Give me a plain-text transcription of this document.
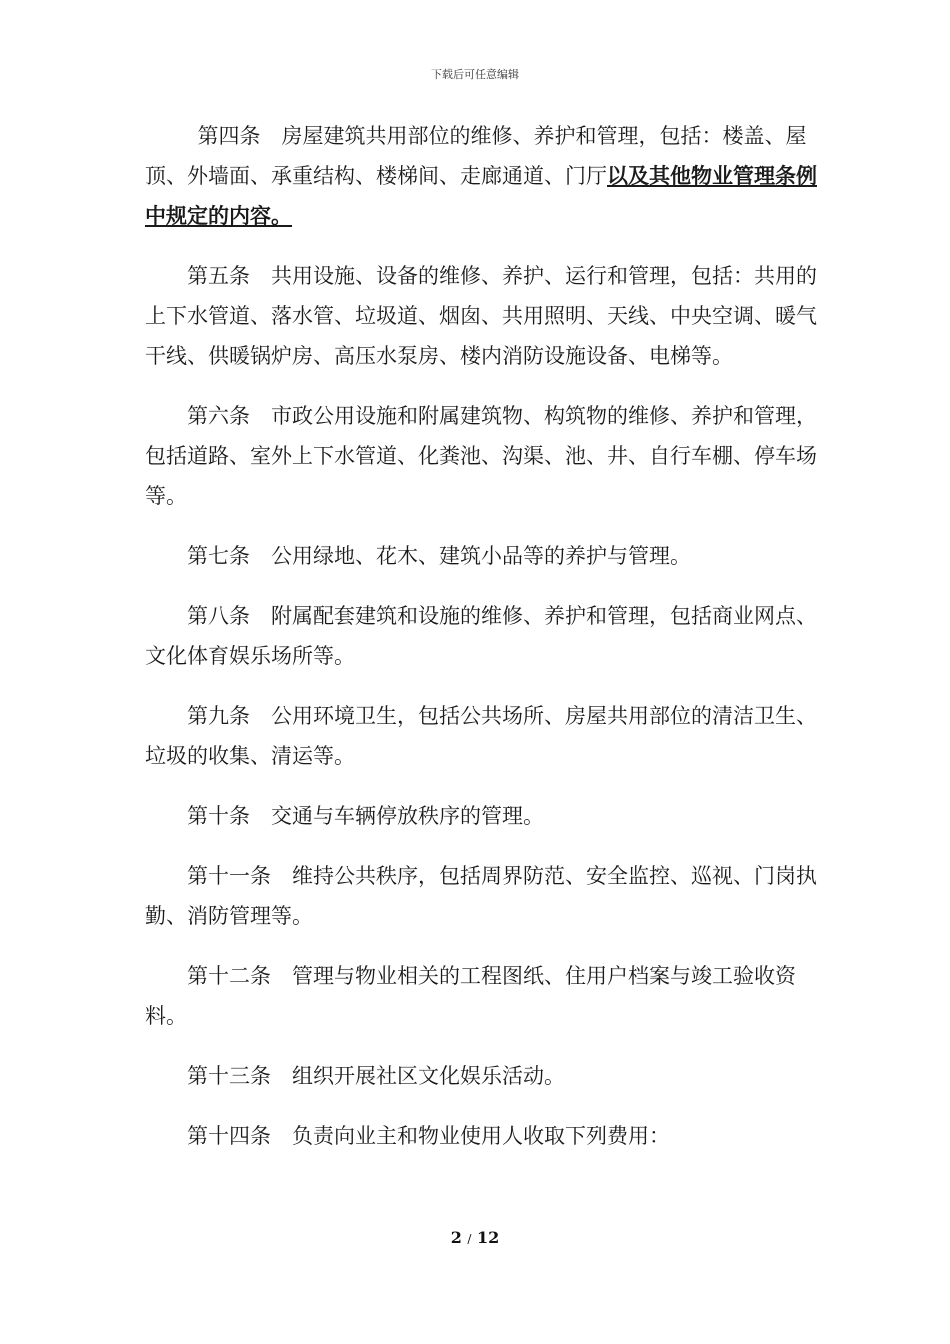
下载后可任意编辑

第四条 房屋建筑共用部位的维修、养护和管理，包括：楼盖、屋顶、外墙面、承重结构、楼梯间、走廊通道、门厅以及其他物业管理条例中规定的内容。

第五条 共用设施、设备的维修、养护、运行和管理，包括：共用的上下水管道、落水管、垃圾道、烟囱、共用照明、天线、中央空调、暖气干线、供暖锅炉房、高压水泵房、楼内消防设施设备、电梯等。

第六条 市政公用设施和附属建筑物、构筑物的维修、养护和管理，包括道路、室外上下水管道、化粪池、沟渠、池、井、自行车棚、停车场等。

第七条 公用绿地、花木、建筑小品等的养护与管理。

第八条 附属配套建筑和设施的维修、养护和管理，包括商业网点、文化体育娱乐场所等。

第九条 公用环境卫生，包括公共场所、房屋共用部位的清洁卫生、垃圾的收集、清运等。

第十条 交通与车辆停放秩序的管理。

第十一条 维持公共秩序，包括周界防范、安全监控、巡视、门岗执勤、消防管理等。

第十二条 管理与物业相关的工程图纸、住用户档案与竣工验收资料。

第十三条 组织开展社区文化娱乐活动。

第十四条 负责向业主和物业使用人收取下列费用：

2 / 12
